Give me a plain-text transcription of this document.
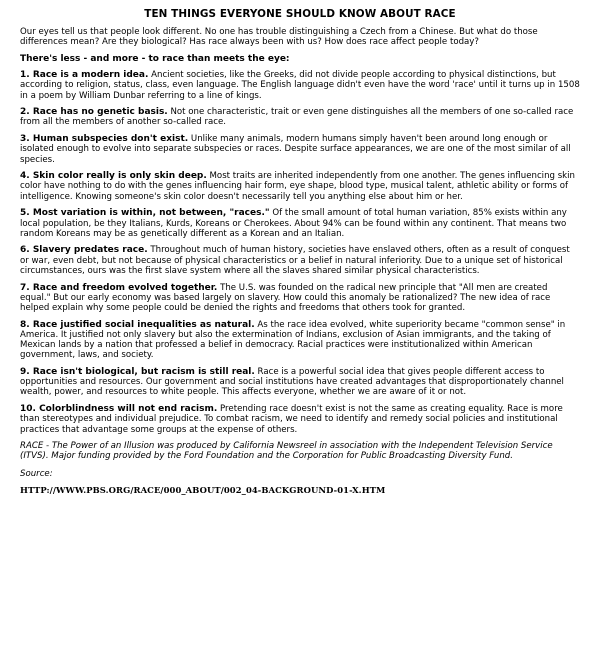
TEN THINGS EVERYONE SHOULD KNOW ABOUT RACE

Our eyes tell us that people look different. No one has trouble distinguishing a Czech from a Chinese. But what do those differences mean? Are they biological? Has race always been with us? How does race affect people today?

There's less - and more - to race than meets the eye:

1. Race is a modern idea. Ancient societies, like the Greeks, did not divide people according to physical distinctions, but according to religion, status, class, even language. The English language didn't even have the word 'race' until it turns up in 1508 in a poem by William Dunbar referring to a line of kings.

2. Race has no genetic basis. Not one characteristic, trait or even gene distinguishes all the members of one so-called race from all the members of another so-called race.

3. Human subspecies don't exist. Unlike many animals, modern humans simply haven't been around long enough or isolated enough to evolve into separate subspecies or races. Despite surface appearances, we are one of the most similar of all species.

4. Skin color really is only skin deep. Most traits are inherited independently from one another. The genes influencing skin color have nothing to do with the genes influencing hair form, eye shape, blood type, musical talent, athletic ability or forms of intelligence. Knowing someone's skin color doesn't necessarily tell you anything else about him or her.

5. Most variation is within, not between, "races." Of the small amount of total human variation, 85% exists within any local population, be they Italians, Kurds, Koreans or Cherokees. About 94% can be found within any continent. That means two random Koreans may be as genetically different as a Korean and an Italian.

6. Slavery predates race. Throughout much of human history, societies have enslaved others, often as a result of conquest or war, even debt, but not because of physical characteristics or a belief in natural inferiority. Due to a unique set of historical circumstances, ours was the first slave system where all the slaves shared similar physical characteristics.

7. Race and freedom evolved together. The U.S. was founded on the radical new principle that "All men are created equal." But our early economy was based largely on slavery. How could this anomaly be rationalized? The new idea of race helped explain why some people could be denied the rights and freedoms that others took for granted.

8. Race justified social inequalities as natural. As the race idea evolved, white superiority became "common sense" in America. It justified not only slavery but also the extermination of Indians, exclusion of Asian immigrants, and the taking of Mexican lands by a nation that professed a belief in democracy. Racial practices were institutionalized within American government, laws, and society.

9. Race isn't biological, but racism is still real. Race is a powerful social idea that gives people different access to opportunities and resources. Our government and social institutions have created advantages that disproportionately channel wealth, power, and resources to white people. This affects everyone, whether we are aware of it or not.

10. Colorblindness will not end racism. Pretending race doesn't exist is not the same as creating equality. Race is more than stereotypes and individual prejudice. To combat racism, we need to identify and remedy social policies and institutional practices that advantage some groups at the expense of others.

RACE - The Power of an Illusion was produced by California Newsreel in association with the Independent Television Service (ITVS). Major funding provided by the Ford Foundation and the Corporation for Public Broadcasting Diversity Fund.

Source:

HTTP://WWW.PBS.ORG/RACE/000_ABOUT/002_04-BACKGROUND-01-X.HTM
